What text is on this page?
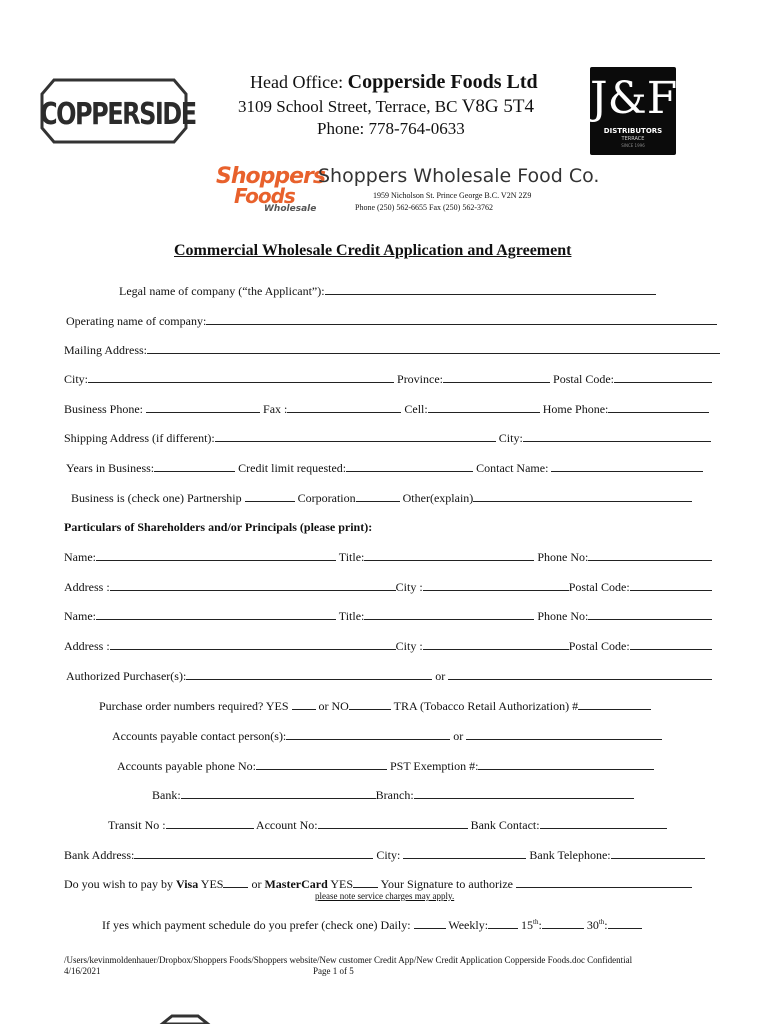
COPPERSIDE
Head Office: Copperside Foods Ltd
3109 School Street, Terrace, BC V8G 5T4
Phone: 778-764-0633
J&F
DISTRIBUTORS
TERRACE
SINCE 1996
Shoppers
Foods
Wholesale
Shoppers Wholesale Food Co.
1959 Nicholson St. Prince George B.C. V2N 2Z9
Phone (250) 562-6655 Fax (250) 562-3762
Commercial Wholesale Credit Application and Agreement
Legal name of company (“the Applicant”):
Operating name of company:
Mailing Address:
City:	Province:	Postal Code:
Business Phone:	Fax :	Cell:	Home Phone:
Shipping Address (if different):	City:
Years in Business:	Credit limit requested:	Contact Name:
Business is (check one) Partnership	Corporation	Other(explain)
Particulars of Shareholders and/or Principals (please print):
Name:	Title:	Phone No:
Address :	City :	Postal Code:
Name:	Title:	Phone No:
Address :	City :	Postal Code:
Authorized Purchaser(s):	or
Purchase order numbers required? YES	or NO	TRA (Tobacco Retail Authorization) #
Accounts payable contact person(s):	or
Accounts payable phone No:	PST Exemption #:
Bank:	Branch:
Transit No :	Account No:	Bank Contact:
Bank Address:	City:	Bank Telephone:
Do you wish to pay by Visa YES or MasterCard YES Your Signature to authorize
please note service charges may apply.
If yes which payment schedule do you prefer (check one) Daily:	Weekly:	15th:	30th:
/Users/kevinmoldenhauer/Dropbox/Shoppers Foods/Shoppers website/New customer Credit App/New Credit Application Copperside Foods.doc Confidential
4/16/2021	Page 1 of 5
